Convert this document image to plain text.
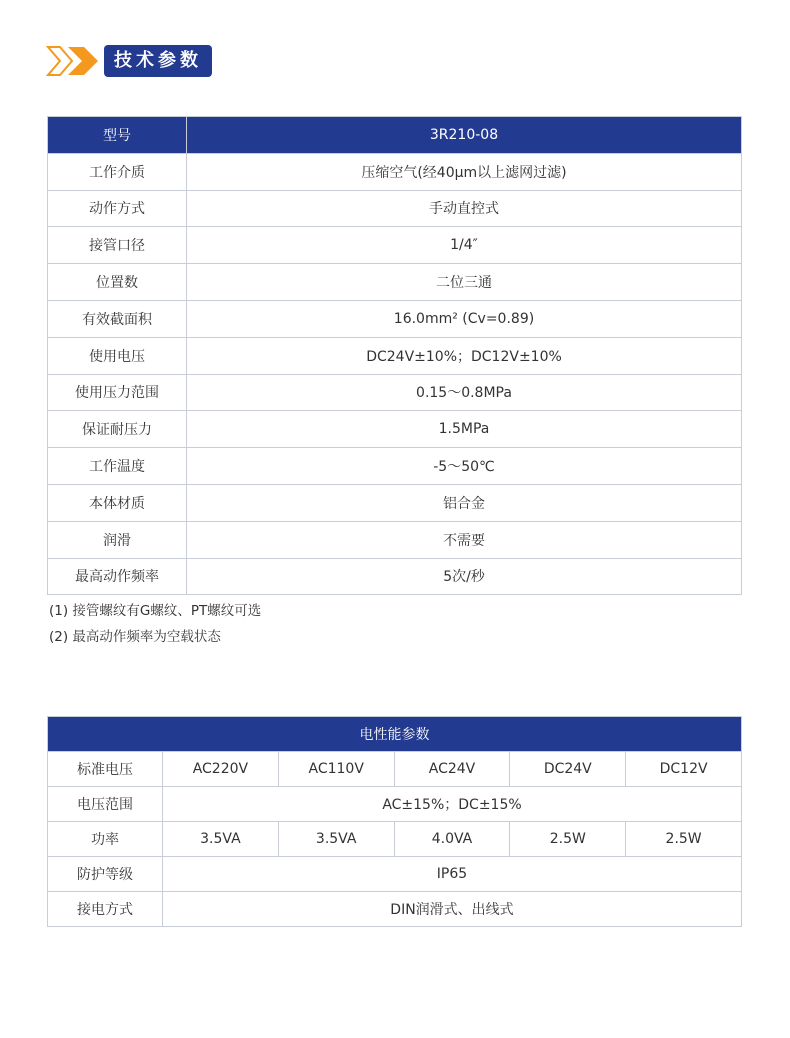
技术参数
型号	3R210-08
工作介质	压缩空气(经40μm以上滤网过滤)
动作方式	手动直控式
接管口径	1/4″
位置数	二位三通
有效截面积	16.0mm² (Cv=0.89)
使用电压	DC24V±10%；DC12V±10%
使用压力范围	0.15～0.8MPa
保证耐压力	1.5MPa
工作温度	-5～50℃
本体材质	铝合金
润滑	不需要
最高动作频率	5次/秒
(1) 接管螺纹有G螺纹、PT螺纹可选
(2) 最高动作频率为空载状态
电性能参数					
标准电压	AC220V	AC110V	AC24V	DC24V	DC12V
电压范围	AC±15%；DC±15%				
功率	3.5VA	3.5VA	4.0VA	2.5W	2.5W
防护等级	IP65				
接电方式	DIN润滑式、出线式				
